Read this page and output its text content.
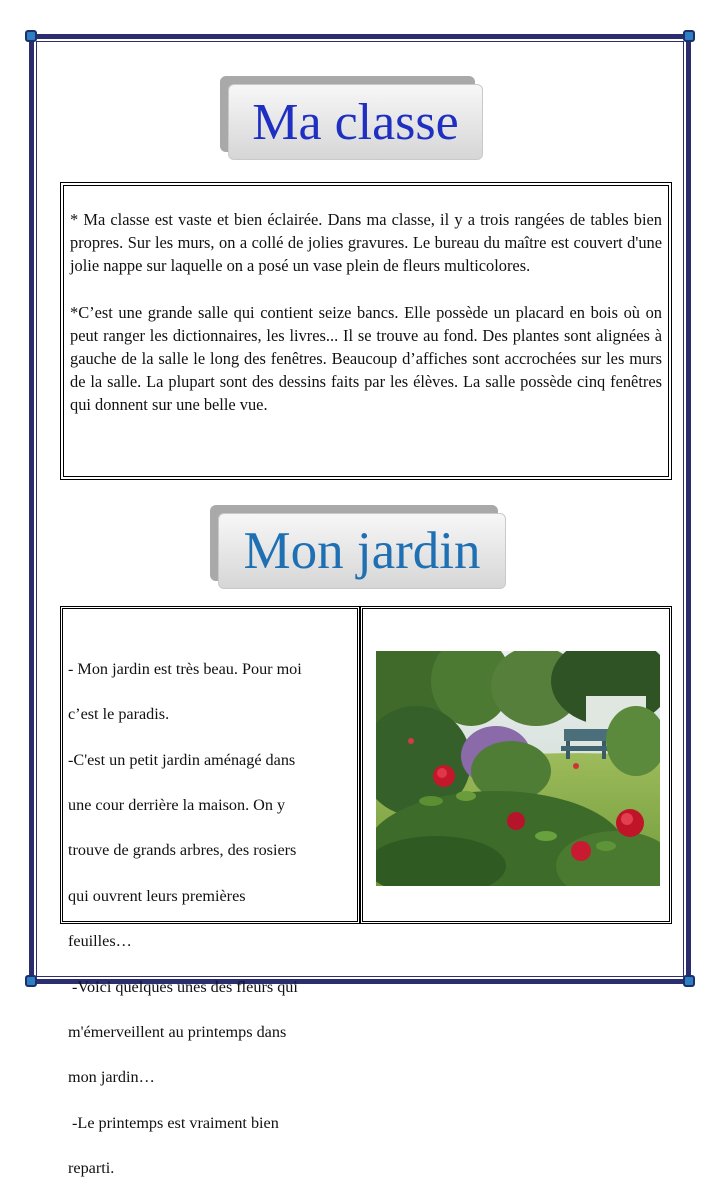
Ma classe

* Ma classe est vaste et bien éclairée. Dans ma classe, il y a trois rangées de tables bien propres. Sur les murs, on a collé de jolies gravures. Le bureau du maître est couvert d'une jolie nappe sur laquelle on a posé un vase plein de fleurs multicolores.

*C’est une grande salle qui contient seize bancs. Elle possède un placard en bois où on peut ranger les dictionnaires, les livres... Il se trouve au fond. Des plantes sont alignées à gauche de la salle le long des fenêtres. Beaucoup d’affiches sont accrochées sur les murs de la salle. La plupart sont des dessins faits par les élèves. La salle possède cinq fenêtres qui donnent sur une belle vue.

Mon jardin

- Mon jardin est très beau. Pour moi

c’est le paradis.

-C'est un petit jardin aménagé dans

une cour derrière la maison. On y

trouve de grands arbres, des rosiers

qui ouvrent leurs premières

feuilles…

-Voici quelques unes des fleurs qui

m'émerveillent au printemps dans

mon jardin…

-Le printemps est vraiment bien

reparti.
